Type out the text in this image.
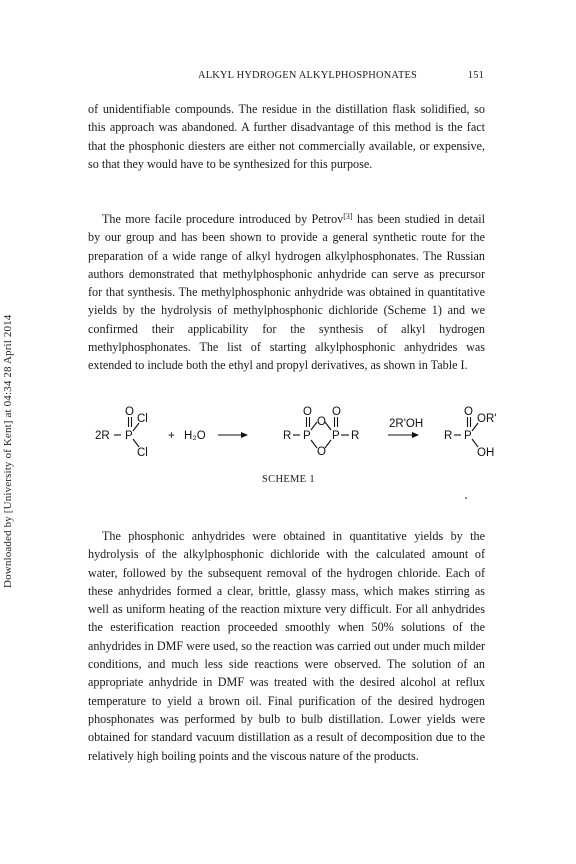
ALKYL HYDROGEN ALKYLPHOSPHONATES	151
Downloaded by [University of Kent] at 04:34 28 April 2014

of unidentifiable compounds. The residue in the distillation flask solidified, so this approach was abandoned. A further disadvantage of this method is the fact that the phosphonic diesters are either not commercially available, or expensive, so that they would have to be synthesized for this purpose.

The more facile procedure introduced by Petrov[3] has been studied in detail by our group and has been shown to provide a general synthetic route for the preparation of a wide range of alkyl hydrogen alkylphosphonates. The Russian authors demonstrated that methylphosphonic anhydride can serve as precursor for that synthesis. The methylphosphonic anhydride was obtained in quantitative yields by the hydrolysis of methylphosphonic dichloride (Scheme 1) and we confirmed their applicability for the synthesis of alkyl hydrogen methylphosphonates. The list of starting alkylphosphonic anhydrides was extended to include both the ethyl and propyl derivatives, as shown in Table I.

2R
O
P
Cl
Cl
+ H₂O	R
O
P
O
O
O
P R
2R'OH
R
O
P
OR'
OH
SCHEME 1

The phosphonic anhydrides were obtained in quantitative yields by the hydrolysis of the alkylphosphonic dichloride with the calculated amount of water, followed by the subsequent removal of the hydrogen chloride. Each of these anhydrides formed a clear, brittle, glassy mass, which makes stirring as well as uniform heating of the reaction mixture very difficult. For all anhydrides the esterification reaction proceeded smoothly when 50% solutions of the anhydrides in DMF were used, so the reaction was carried out under much milder conditions, and much less side reactions were observed. The solution of an appropriate anhydride in DMF was treated with the desired alcohol at reflux temperature to yield a brown oil. Final purification of the desired hydrogen phosphonates was performed by bulb to bulb distillation. Lower yields were obtained for standard vacuum distillation as a result of decomposition due to the relatively high boiling points and the viscous nature of the products.
